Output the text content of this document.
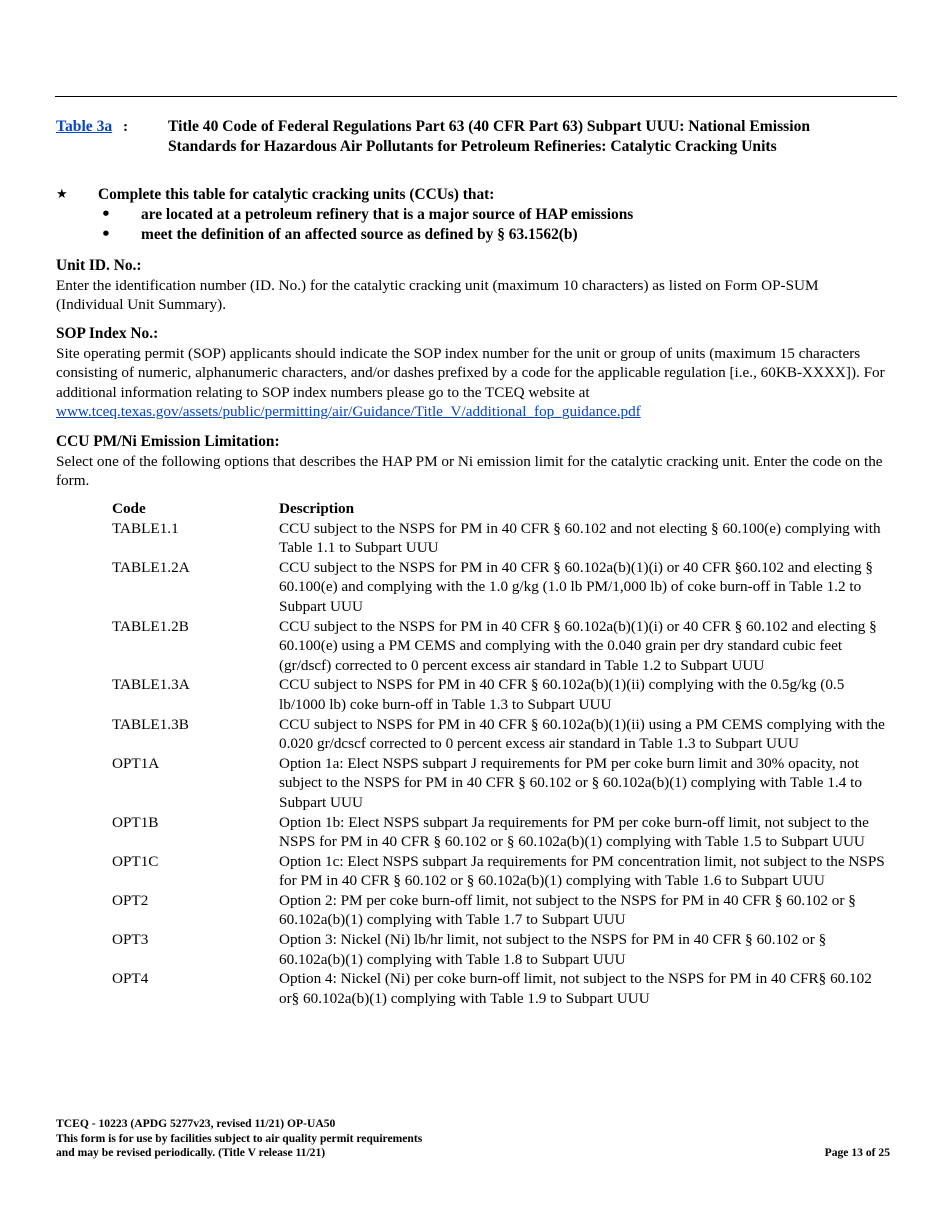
Table 3a :	Title 40 Code of Federal Regulations Part 63 (40 CFR Part 63) Subpart UUU: National Emission Standards for Hazardous Air Pollutants for Petroleum Refineries: Catalytic Cracking Units
★ Complete this table for catalytic cracking units (CCUs) that:
• are located at a petroleum refinery that is a major source of HAP emissions
• meet the definition of an affected source as defined by § 63.1562(b)
Unit ID. No.:

Enter the identification number (ID. No.) for the catalytic cracking unit (maximum 10 characters) as listed on Form OP-SUM (Individual Unit Summary).

SOP Index No.:

Site operating permit (SOP) applicants should indicate the SOP index number for the unit or group of units (maximum 15 characters consisting of numeric, alphanumeric characters, and/or dashes prefixed by a code for the applicable regulation [i.e., 60KB-XXXX]). For additional information relating to SOP index numbers please go to the TCEQ website at www.tceq.texas.gov/assets/public/permitting/air/Guidance/Title_V/additional_fop_guidance.pdf

CCU PM/Ni Emission Limitation:

Select one of the following options that describes the HAP PM or Ni emission limit for the catalytic cracking unit. Enter the code on the form.

Code	Description
TABLE1.1	CCU subject to the NSPS for PM in 40 CFR § 60.102 and not electing § 60.100(e) complying with Table 1.1 to Subpart UUU
TABLE1.2A	CCU subject to the NSPS for PM in 40 CFR § 60.102a(b)(1)(i) or 40 CFR §60.102 and electing § 60.100(e) and complying with the 1.0 g/kg (1.0 lb PM/1,000 lb) of coke burn-off in Table 1.2 to Subpart UUU
TABLE1.2B	CCU subject to the NSPS for PM in 40 CFR § 60.102a(b)(1)(i) or 40 CFR § 60.102 and electing § 60.100(e) using a PM CEMS and complying with the 0.040 grain per dry standard cubic feet (gr/dscf) corrected to 0 percent excess air standard in Table 1.2 to Subpart UUU
TABLE1.3A	CCU subject to NSPS for PM in 40 CFR § 60.102a(b)(1)(ii) complying with the 0.5g/kg (0.5 lb/1000 lb) coke burn-off in Table 1.3 to Subpart UUU
TABLE1.3B	CCU subject to NSPS for PM in 40 CFR § 60.102a(b)(1)(ii) using a PM CEMS complying with the 0.020 gr/dcscf corrected to 0 percent excess air standard in Table 1.3 to Subpart UUU
OPT1A	Option 1a: Elect NSPS subpart J requirements for PM per coke burn limit and 30% opacity, not subject to the NSPS for PM in 40 CFR § 60.102 or § 60.102a(b)(1) complying with Table 1.4 to Subpart UUU
OPT1B	Option 1b: Elect NSPS subpart Ja requirements for PM per coke burn-off limit, not subject to the NSPS for PM in 40 CFR § 60.102 or § 60.102a(b)(1) complying with Table 1.5 to Subpart UUU
OPT1C	Option 1c: Elect NSPS subpart Ja requirements for PM concentration limit, not subject to the NSPS for PM in 40 CFR § 60.102 or § 60.102a(b)(1) complying with Table 1.6 to Subpart UUU
OPT2	Option 2: PM per coke burn-off limit, not subject to the NSPS for PM in 40 CFR § 60.102 or § 60.102a(b)(1) complying with Table 1.7 to Subpart UUU
OPT3	Option 3: Nickel (Ni) lb/hr limit, not subject to the NSPS for PM in 40 CFR § 60.102 or § 60.102a(b)(1) complying with Table 1.8 to Subpart UUU
OPT4	Option 4: Nickel (Ni) per coke burn-off limit, not subject to the NSPS for PM in 40 CFR§ 60.102 or§ 60.102a(b)(1) complying with Table 1.9 to Subpart UUU
TCEQ - 10223 (APDG 5277v23, revised 11/21) OP-UA50
This form is for use by facilities subject to air quality permit requirements
and may be revised periodically. (Title V release 11/21)	Page 13 of 25
